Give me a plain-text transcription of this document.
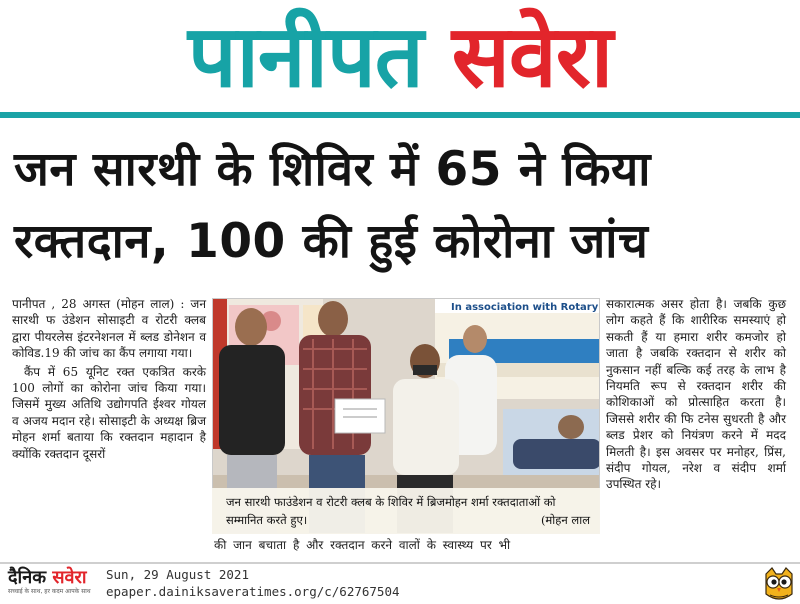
पानीपत सवेरा
जन सारथी के शिविर में 65 ने किया
रक्तदान, 100 की हुई कोरोना जांच

पानीपत , 28 अगस्त (मोहन लाल) : जन सारथी फ उंडेशन सोसाइटी व रोटरी क्लब द्वारा पीयरलेस इंटरनेशनल में ब्लड डोनेशन व कोविड.19 की जांच का कैंप लगाया गया।

कैंप में 65 यूनिट रक्त एकत्रित करके 100 लोगों का कोरोना जांच किया गया। जिसमें मुख्य अतिथि उद्योगपति ईश्वर गोयल व अजय मदान रहे। सोसाइटी के अध्यक्ष ब्रिज मोहन शर्मा बताया कि रक्तदान महादान है क्योंकि रक्तदान दूसरों

In association with Rotary
जन सारथी फाउंडेशन व रोटरी क्लब के शिविर में ब्रिजमोहन शर्मा रक्तदाताओं को सम्मानित करते हुए।	(मोहन लाल
की जान बचाता है और रक्तदान करने वालों के स्वास्थ्य पर भी

सकारात्मक असर होता है। जबकि कुछ लोग कहते हैं कि शारीरिक समस्याएं हो सकती हैं या हमारा शरीर कमजोर हो जाता है जबकि रक्तदान से शरीर को नुकसान नहीं बल्कि कई तरह के लाभ है नियमति रूप से रक्तदान शरीर की कोशिकाओं को प्रोत्साहित करता है। जिससे शरीर की फि टनेस सुधरती है और ब्लड प्रेशर को नियंत्रण करने में मदद मिलती है। इस अवसर पर मनोहर, प्रिंस, संदीप गोयल, नरेश व संदीप शर्मा उपस्थित रहे।

दैनिक सवेरा
सच्चाई के साथ, हर कदम आपके साथ
Sun, 29 August 2021
epaper.dainiksaveratimes.org/c/62767504
